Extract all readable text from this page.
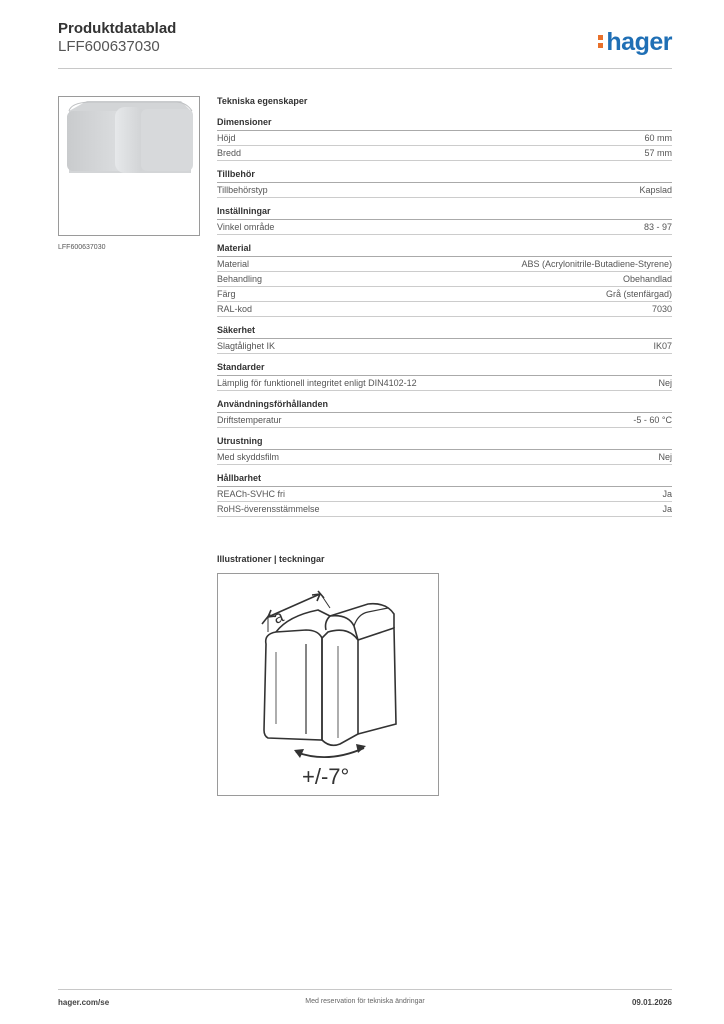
Produktdatablad
LFF600637030	hager
LFF600637030
Tekniska egenskaper
Dimensioner
Höjd	60 mm
Bredd	57 mm
Tillbehör
Tillbehörstyp	Kapslad
Inställningar
Vinkel område	83 - 97
Material
Material	ABS (Acrylonitrile-Butadiene-Styrene)
Behandling	Obehandlad
Färg	Grå (stenfärgad)
RAL-kod	7030
Säkerhet
Slagtålighet IK	IK07
Standarder
Lämplig för funktionell integritet enligt DIN4102-12	Nej
Användningsförhållanden
Driftstemperatur	-5 - 60 °C
Utrustning
Med skyddsfilm	Nej
Hållbarhet
REACh-SVHC fri	Ja
RoHS-överensstämmelse	Ja
Illustrationer | teckningar
a
+/-7°
hager.com/se	Med reservation för tekniska ändringar	09.01.2026
